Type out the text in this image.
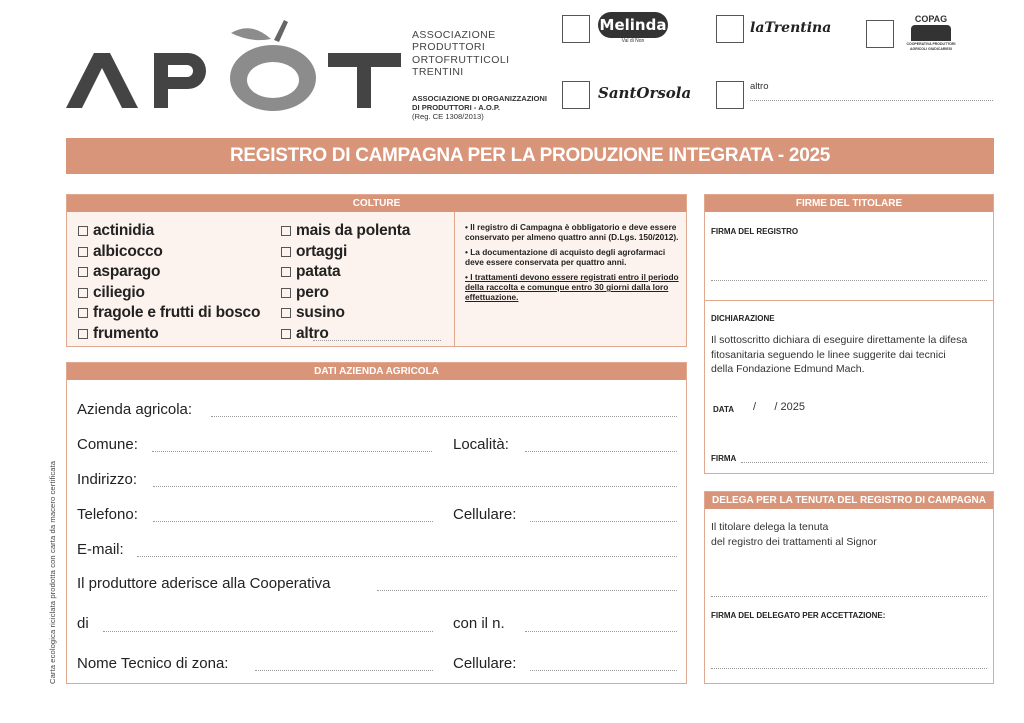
ASSOCIAZIONE
PRODUTTORI
ORTOFRUTTICOLI
TRENTINI
ASSOCIAZIONE DI ORGANIZZAZIONI
DI PRODUTTORI - A.O.P.
(Reg. CE 1308/2013)
Melinda
Val di Non
laTrentina
COPAG
COOPERATIVA PRODUTTORI AGRICOLI GIUDICARIESI
SantOrsola	altro
REGISTRO DI CAMPAGNA PER LA PRODUZIONE INTEGRATA - 2025
COLTURE
actinidia
albicocco
asparago
ciliegio
fragole e frutti di bosco
frumento
mais da polenta
ortaggi
patata
pero
susino
altro
• Il registro di Campagna è obbligatorio e deve essere conservato per almeno quattro anni (D.Lgs. 150/2012).
• La documentazione di acquisto degli agrofarmaci deve essere conservata per quattro anni.
• I trattamenti devono essere registrati entro il periodo della raccolta e comunque entro 30 giorni dalla loro effettuazione.
DATI AZIENDA AGRICOLA
Azienda agricola:
Comune:	Località:
Indirizzo:
Telefono:	Cellulare:
E-mail:
Il produttore aderisce alla Cooperativa
di	con il n.
Nome Tecnico di zona:	Cellulare:
Carta ecologica riciclata prodotta con carta da macero certificata
FIRME DEL TITOLARE
FIRMA DEL REGISTRO
DICHIARAZIONE
Il sottoscritto dichiara di eseguire direttamente la difesa
fitosanitaria seguendo le linee suggerite dai tecnici
della Fondazione Edmund Mach.
DATA /      / 2025
FIRMA
DELEGA PER LA TENUTA DEL REGISTRO DI CAMPAGNA
Il titolare delega la tenuta
del registro dei trattamenti al Signor
FIRMA DEL DELEGATO PER ACCETTAZIONE:
